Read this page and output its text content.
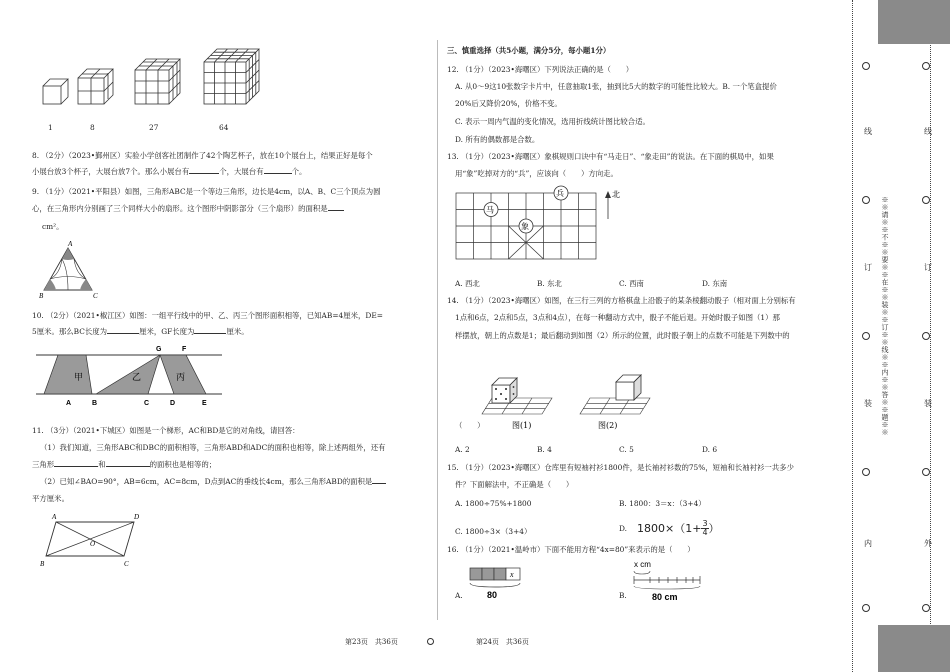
1	8	27	64
8. （2分）（2023•鄞州区）实验小学创客社团制作了42个陶艺杯子，放在10个展台上，结果正好是每个
小展台放3个杯子，大展台放7个。那么小展台有	个，大展台有	个。
9. （1分）（2021•平阳县）如图，三角形ABC是一个等边三角形，边长是4cm，以A、B、C三个顶点为圆
心，在三角形内分别画了三个同样大小的扇形。这个图形中阴影部分（三个扇形）的面积是
cm²。
A
B	C
10. （2分）（2021•椒江区）如图：一组平行线中的甲、乙、丙三个图形面积相等，已知AB=4厘米，DE=
5厘米。那么BC长度为	厘米，GF长度为	厘米。
甲	乙	丙
G	F
A	B	C	D	E
11. （3分）（2021•下城区）如图是一个梯形，AC和BD是它的对角线，请回答：
（1）我们知道，三角形ABC和DBC的面积相等，三角形ABD和ADC的面积也相等，除上述两组外，还有
三角形	和	的面积也是相等的；
（2）已知∠BAO=90°，AB=6cm，AC=8cm，D点到AC的垂线长4cm，那么三角形ABD的面积是
平方厘米。
A	D
O
B	C
三、慎重选择（共5小题，满分5分，每小题1分）
12. （1分）（2023•海曙区）下列说法正确的是（　　）
A. 从0～9这10张数字卡片中，任意抽取1张，抽到比5大的数字的可能性比较大。B. 一个笔盒提价
20%后又降价20%，价格不变。
C. 表示一周内气温的变化情况，选用折线统计图比较合适。
D. 所有的偶数都是合数。
13. （1分）（2023•海曙区）象棋规则口诀中有“马走日”、“象走田”的说法。在下面的棋局中，如果
用“象”吃掉对方的“兵”，应该向（　　）方向走。
兵
马
象
北
A. 西北	B. 东北	C. 西南	D. 东南
14. （1分）（2023•海曙区）如图，在三行三列的方格棋盘上沿骰子的某条棱翻动骰子（相对面上分别标有
1点和6点，2点和5点，3点和4点），在每一种翻动方式中，骰子不能后退。开始时骰子如图（1）那
样摆放，朝上的点数是1；最后翻动到如图（2）所示的位置，此时骰子朝上的点数不可能是下列数中的
图(1)	图(2)
（　　）
A. 2	B. 4	C. 5	D. 6
15. （1分）（2023•海曙区）仓库里有短袖衬衫1800件，是长袖衬衫数的75%，短袖和长袖衬衫一共多少
件？下面解法中，不正确是（　　）
A. 1800÷75%+1800	B. 1800：3＝x：（3+4）
C. 1800÷3×（3+4）	D. $1800\times(1+ \frac{3}{4}$ ）
16. （1分）（2021•温岭市）下面不能用方程“4x=80”来表示的是（　　）
A.
x
80	B.
x cm
80 cm
第23页　共36页	第24页　共36页
线
订
装
内
线
订
装
外
※※请※※不※※要※※在※※装※※订※※线※※内※※答※※题※※
